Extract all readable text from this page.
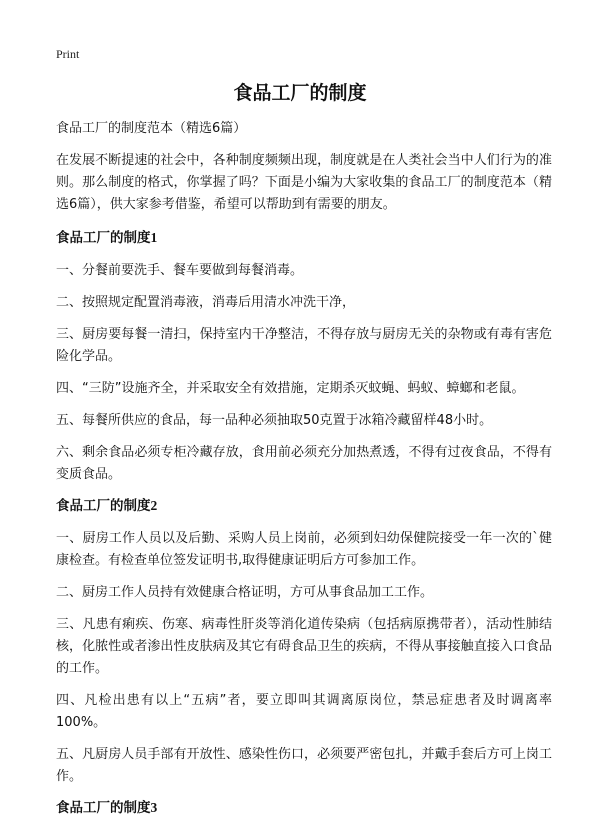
Print
食品工厂的制度

食品工厂的制度范本（精选6篇）

在发展不断提速的社会中，各种制度频频出现，制度就是在人类社会当中人们行为的准则。那么制度的格式，你掌握了吗？下面是小编为大家收集的食品工厂的制度范本（精选6篇），供大家参考借鉴，希望可以帮助到有需要的朋友。

食品工厂的制度1

一、分餐前要洗手、餐车要做到每餐消毒。

二、按照规定配置消毒液，消毒后用清水冲洗干净，

三、厨房要每餐一清扫，保持室内干净整洁，不得存放与厨房无关的杂物或有毒有害危险化学品。

四、“三防”设施齐全，并采取安全有效措施，定期杀灭蚊蝇、蚂蚁、蟑螂和老鼠。

五、每餐所供应的食品，每一品种必须抽取50克置于冰箱冷藏留样48小时。

六、剩余食品必须专柜冷藏存放，食用前必须充分加热煮透，不得有过夜食品，不得有变质食品。

食品工厂的制度2

一、厨房工作人员以及后勤、采购人员上岗前，必须到妇幼保健院接受一年一次的`健康检查。有检查单位签发证明书,取得健康证明后方可参加工作。

二、厨房工作人员持有效健康合格证明，方可从事食品加工工作。

三、凡患有痢疾、伤寒、病毒性肝炎等消化道传染病（包括病原携带者），活动性肺结核，化脓性或者渗出性皮肤病及其它有碍食品卫生的疾病，不得从事接触直接入口食品的工作。

四、凡检出患有以上“五病”者，要立即叫其调离原岗位，禁忌症患者及时调离率100%。

五、凡厨房人员手部有开放性、感染性伤口，必须要严密包扎，并戴手套后方可上岗工作。

食品工厂的制度3
